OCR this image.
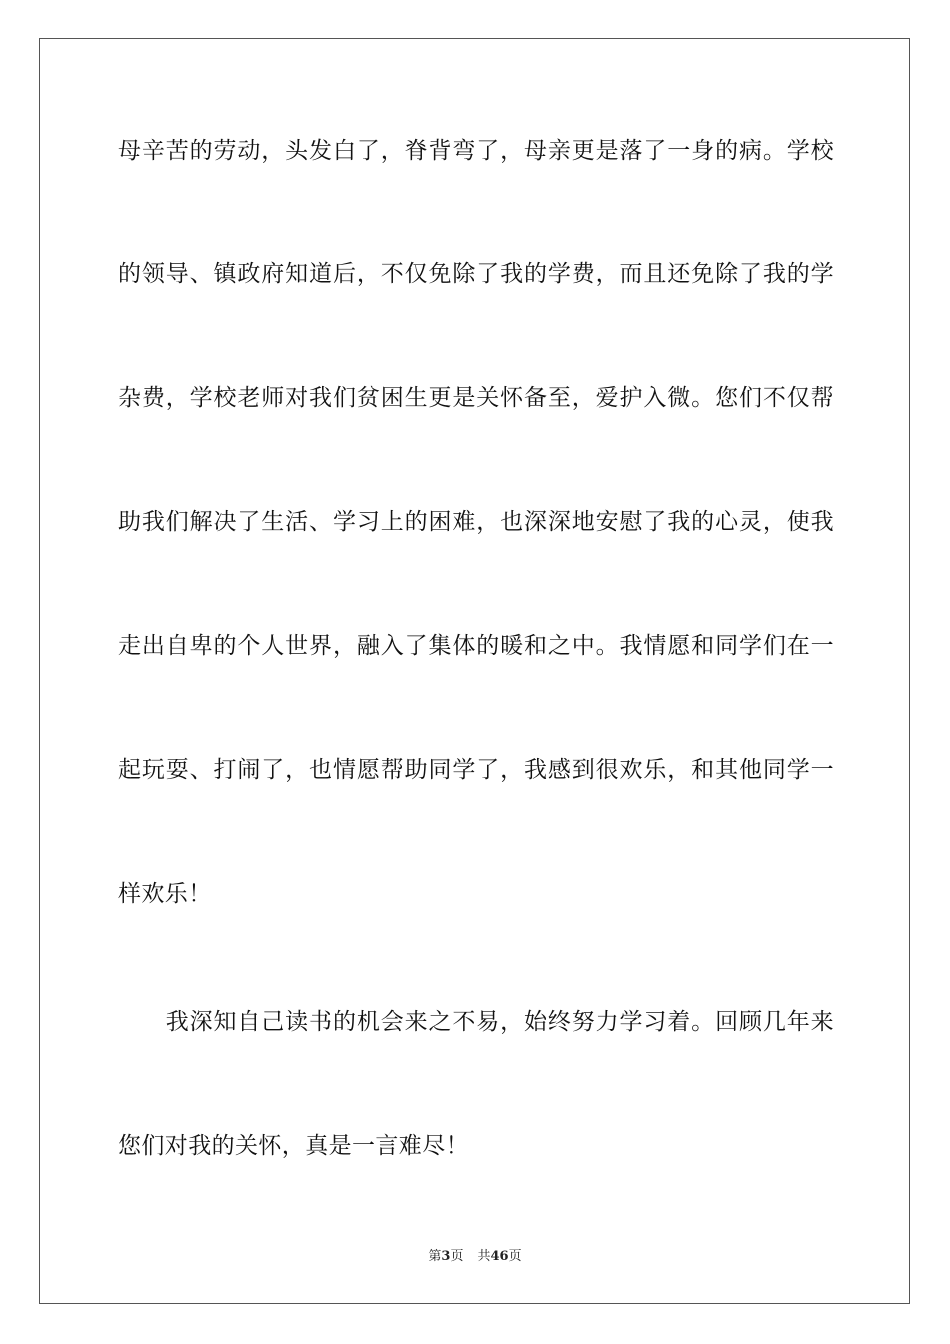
母辛苦的劳动，头发白了，脊背弯了，母亲更是落了一身的病。学校
的领导、镇政府知道后，不仅免除了我的学费，而且还免除了我的学
杂费，学校老师对我们贫困生更是关怀备至，爱护入微。您们不仅帮
助我们解决了生活、学习上的困难，也深深地安慰了我的心灵，使我
走出自卑的个人世界，融入了集体的暖和之中。我情愿和同学们在一
起玩耍、打闹了，也情愿帮助同学了，我感到很欢乐，和其他同学一
样欢乐！
　　我深知自己读书的机会来之不易，始终努力学习着。回顾几年来
您们对我的关怀，真是一言难尽！
第3页 共46页
